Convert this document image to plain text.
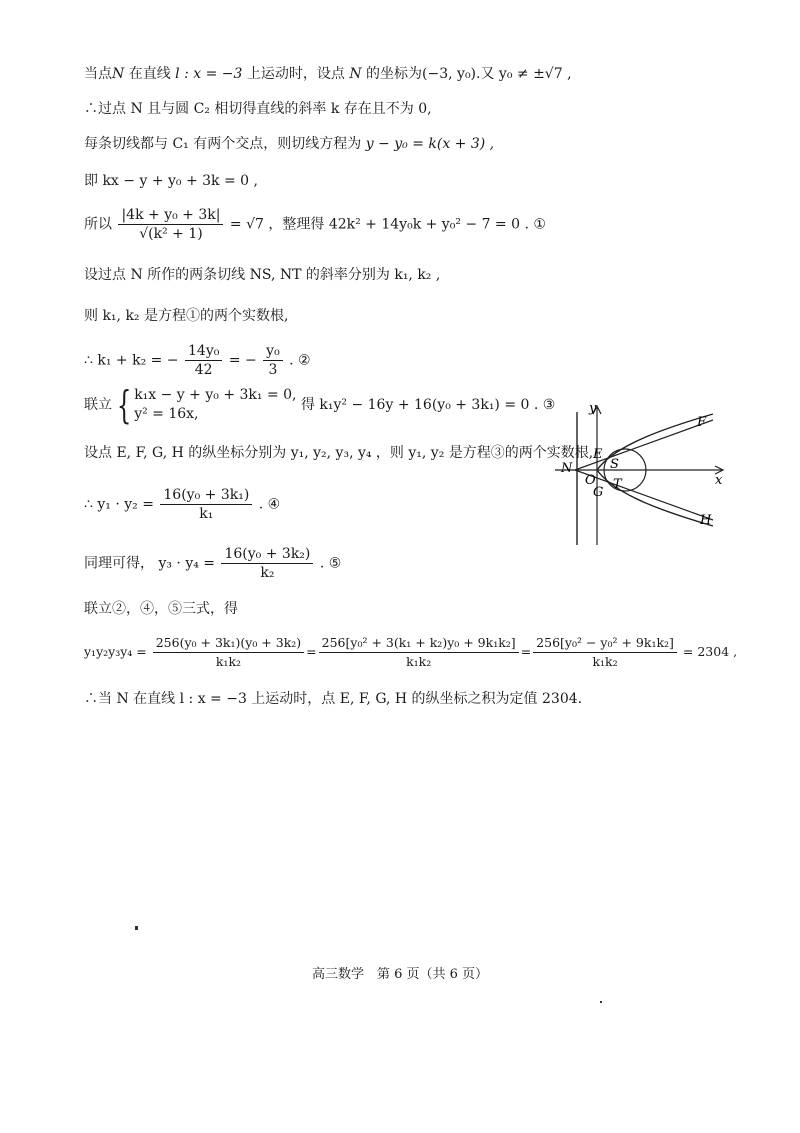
当点N 在直线 l : x = −3 上运动时，设点 N 的坐标为(−3, y₀).又 y₀ ≠ ±√7 ,
∴过点 N 且与圆 C₂ 相切得直线的斜率 k 存在且不为 0,
每条切线都与 C₁ 有两个交点，则切线方程为 y − y₀ = k(x + 3) ,
即 kx − y + y₀ + 3k = 0 ,
所以 $\frac{\text{|4k + y₀ + 3k|}}{\text{√(k² + 1)}} = √7$ ，整理得 42k² + 14y₀k + y₀² − 7 = 0 . ①
设过点 N 所作的两条切线 NS, NT 的斜率分别为 k₁, k₂ ,
则 k₁, k₂ 是方程①的两个实数根,
∴ k₁ + k₂ = − $\frac{\text{14y₀}}{42}$ = − $\frac{\text{y₀}}{3}$ . ②
联立 { k₁x − y + y₀ + 3k₁ = 0,
y² = 16x,
得 k₁y² − 16y + 16(y₀ + 3k₁) = 0 . ③
设点 E, F, G, H 的纵坐标分别为 y₁, y₂, y₃, y₄ ，则 y₁, y₂ 是方程③的两个实数根,
∴ $y_1 \cdot y_2 = \frac{\text{16(y₀ + 3k₁)}}{\text{k₁}}$ . ④
同理可得， $y_3 \cdot y_4 = \frac{\text{16(y₀ + 3k₂)}}{\text{k₂}}$ . ⑤
联立②，④，⑤三式，得
$y_1y_2y_3y_4 = \frac{\text{256(y₀ + 3k₁)(y₀ + 3k₂)}}{\text{k₁k₂}} = \frac{\text{256[y₀² + 3(k₁ + k₂)y₀ + 9k₁k₂]}}{\text{k₁k₂}} = \frac{\text{256[y₀² − y₀² + 9k₁k₂]}}{\text{k₁k₂}} = 2304$ ,
∴当 N 在直线 l : x = −3 上运动时，点 E, F, G, H 的纵坐标之积为定值 2304.
y
x
N
E
F
S
O
G
T
H
高三数学　第 6 页（共 6 页）
